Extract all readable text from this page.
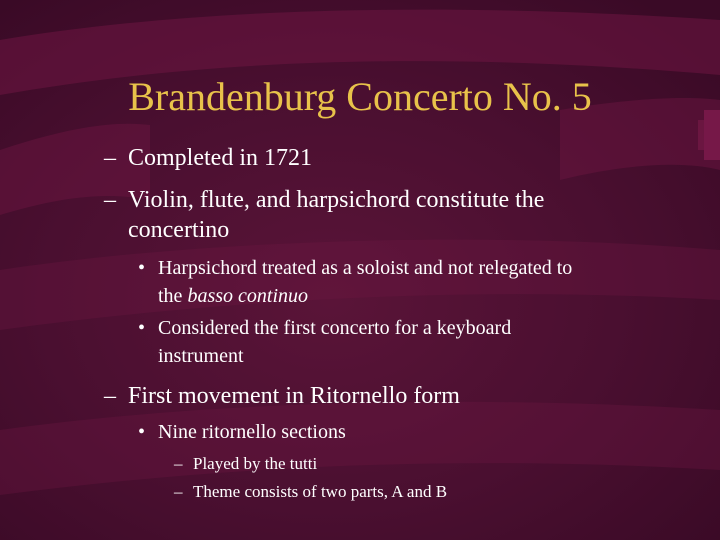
Brandenburg Concerto No. 5
– Completed in 1721
– Violin, flute, and harpsichord constitute the
concertino
• Harpsichord treated as a soloist and not relegated to
the basso continuo
• Considered the first concerto for a keyboard
instrument
– First movement in Ritornello form
• Nine ritornello sections
– Played by the tutti
– Theme consists of two parts, A and B
